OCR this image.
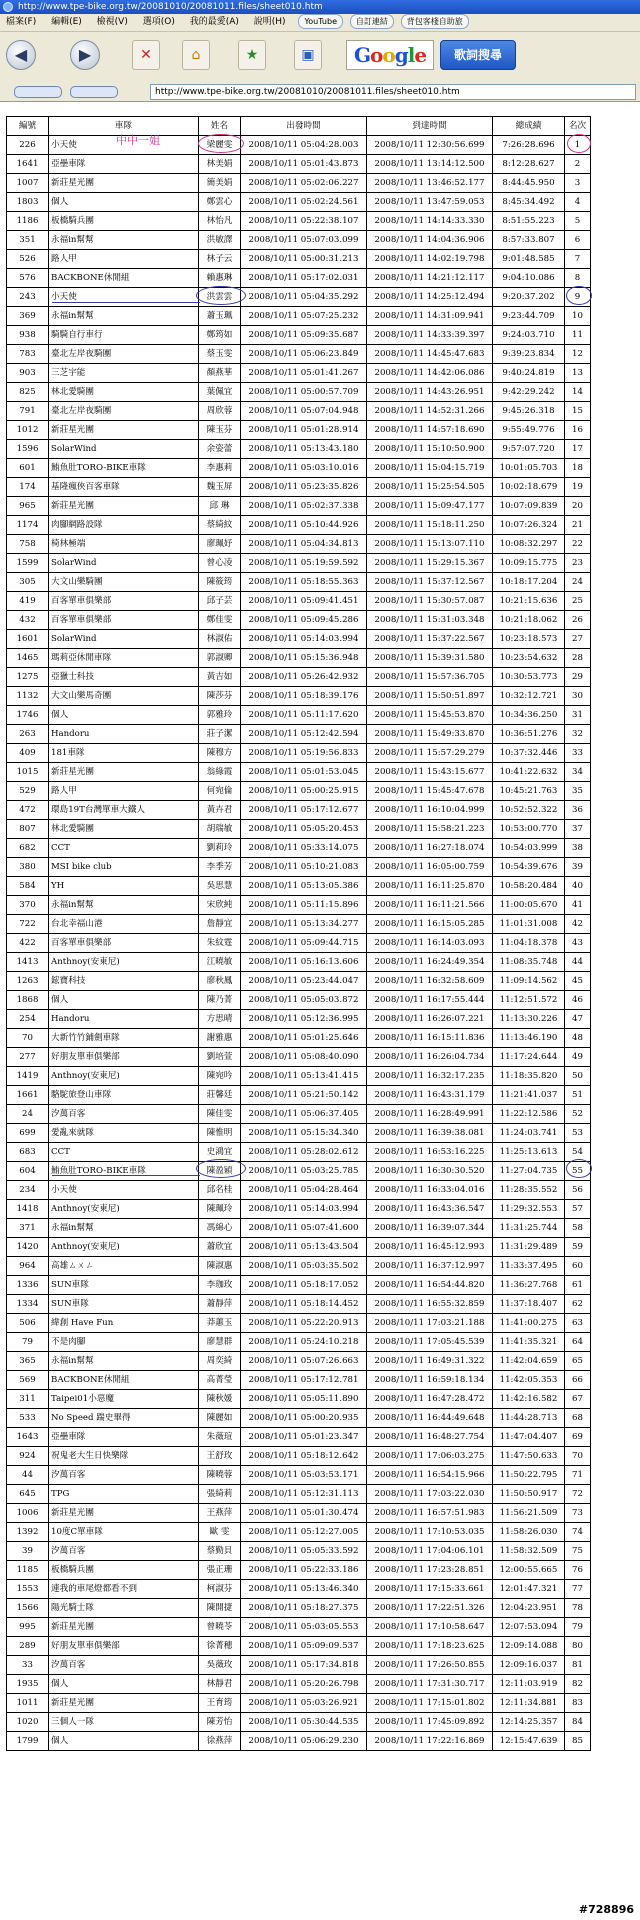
http://www.tpe-bike.org.tw/20081010/20081011.files/sheet010.htm
檔案(F) 編輯(E) 檢視(V) 選項(O) 我的最愛(A) 說明(H) YouTube 自訂連結 背包客棧自助旅
◀	▶	✕	⌂	★	▣	Google	歌詞搜尋
http://www.tpe-bike.org.tw/20081010/20081011.files/sheet010.htm
編號	車隊	姓名	出發時間	到達時間	總成績	名次
226	小天使	梁麗雯	2008/10/11 05:04:28.003	2008/10/11 12:30:56.699	7:26:28.696	1
1641	亞壘車隊	林美娟	2008/10/11 05:01:43.873	2008/10/11 13:14:12.500	8:12:28.627	2
1007	新莊星光團	簡美娟	2008/10/11 05:02:06.227	2008/10/11 13:46:52.177	8:44:45.950	3
1803	個人	鄭雲心	2008/10/11 05:02:24.561	2008/10/11 13:47:59.053	8:45:34.492	4
1186	板橋騎兵團	林怡凡	2008/10/11 05:22:38.107	2008/10/11 14:14:33.330	8:51:55.223	5
351	永福in幫幫	洪敏譯	2008/10/11 05:07:03.099	2008/10/11 14:04:36.906	8:57:33.807	6
526	路人甲	林子云	2008/10/11 05:00:31.213	2008/10/11 14:02:19.798	9:01:48.585	7
576	BACKBONE休閒組	賴惠琳	2008/10/11 05:17:02.031	2008/10/11 14:21:12.117	9:04:10.086	8
243	小天使	洪雲雲	2008/10/11 05:04:35.292	2008/10/11 14:25:12.494	9:20:37.202	9
369	永福in幫幫	蕭玉珮	2008/10/11 05:07:25.232	2008/10/11 14:31:09.941	9:23:44.709	10
938	騎騎自行車行	鄭筠如	2008/10/11 05:09:35.687	2008/10/11 14:33:39.397	9:24:03.710	11
783	臺北左岸夜騎團	蔡玉雯	2008/10/11 05:06:23.849	2008/10/11 14:45:47.683	9:39:23.834	12
903	三芝宇能	顏燕華	2008/10/11 05:01:41.267	2008/10/11 14:42:06.086	9:40:24.819	13
825	林北愛騎團	葉佩宜	2008/10/11 05:00:57.709	2008/10/11 14:43:26.951	9:42:29.242	14
791	臺北左岸夜騎團	周欣蓉	2008/10/11 05:07:04.948	2008/10/11 14:52:31.266	9:45:26.318	15
1012	新莊星光團	陳玉芬	2008/10/11 05:01:28.914	2008/10/11 14:57:18.690	9:55:49.776	16
1596	SolarWind	余姿蕾	2008/10/11 05:13:43.180	2008/10/11 15:10:50.900	9:57:07.720	17
601	鮪魚肚TORO-BIKE車隊	李惠莉	2008/10/11 05:03:10.016	2008/10/11 15:04:15.719	10:01:05.703	18
174	基隆瘋俠百客車隊	魏玉屏	2008/10/11 05:23:35.826	2008/10/11 15:25:54.505	10:02:18.679	19
965	新莊星光團	邱 琳	2008/10/11 05:02:37.338	2008/10/11 15:09:47.177	10:07:09.839	20
1174	肉腳網路設隊	蔡綺紋	2008/10/11 05:10:44.926	2008/10/11 15:18:11.250	10:07:26.324	21
758	椅林極端	廖珮妤	2008/10/11 05:04:34.813	2008/10/11 15:13:07.110	10:08:32.297	22
1599	SolarWind	曾心凌	2008/10/11 05:19:59.592	2008/10/11 15:29:15.367	10:09:15.775	23
305	大文山樂騎團	陳筱筠	2008/10/11 05:18:55.363	2008/10/11 15:37:12.567	10:18:17.204	24
419	百客單車俱樂部	邱子芸	2008/10/11 05:09:41.451	2008/10/11 15:30:57.087	10:21:15.636	25
432	百客單車俱樂部	鄭佳雯	2008/10/11 05:09:45.286	2008/10/11 15:31:03.348	10:21:18.062	26
1601	SolarWind	林淑佑	2008/10/11 05:14:03.994	2008/10/11 15:37:22.567	10:23:18.573	27
1465	瑪莉亞休閒車隊	郭淑卿	2008/10/11 05:15:36.948	2008/10/11 15:39:31.580	10:23:54.632	28
1275	亞獵士科技	黃吉如	2008/10/11 05:26:42.932	2008/10/11 15:57:36.705	10:30:53.773	29
1132	大文山樂馬奇團	陳莎芬	2008/10/11 05:18:39.176	2008/10/11 15:50:51.897	10:32:12.721	30
1746	個人	郭雅玲	2008/10/11 05:11:17.620	2008/10/11 15:45:53.870	10:34:36.250	31
263	Handoru	莊子潔	2008/10/11 05:12:42.594	2008/10/11 15:49:33.870	10:36:51.276	32
409	181車隊	陳穆方	2008/10/11 05:19:56.833	2008/10/11 15:57:29.279	10:37:32.446	33
1015	新莊星光團	翁綠霞	2008/10/11 05:01:53.045	2008/10/11 15:43:15.677	10:41:22.632	34
529	路人甲	何宛倫	2008/10/11 05:00:25.915	2008/10/11 15:45:47.678	10:45:21.763	35
472	環島19T台灣單車大鐵人	黃卉君	2008/10/11 05:17:12.677	2008/10/11 16:10:04.999	10:52:52.322	36
807	林北愛騎團	胡瑞敏	2008/10/11 05:05:20.453	2008/10/11 15:58:21.223	10:53:00.770	37
682	CCT	劉莉玲	2008/10/11 05:33:14.075	2008/10/11 16:27:18.074	10:54:03.999	38
380	MSI bike club	李季芳	2008/10/11 05:10:21.083	2008/10/11 16:05:00.759	10:54:39.676	39
584	YH	吳思慧	2008/10/11 05:13:05.386	2008/10/11 16:11:25.870	10:58:20.484	40
370	永福in幫幫	宋欣純	2008/10/11 05:11:15.896	2008/10/11 16:11:21.566	11:00:05.670	41
722	台北幸福山港	詹靜宜	2008/10/11 05:13:34.277	2008/10/11 16:15:05.285	11:01:31.008	42
422	百客單車俱樂部	朱紋霆	2008/10/11 05:09:44.715	2008/10/11 16:14:03.093	11:04:18.378	43
1413	Anthnoy(安東尼)	江曉敏	2008/10/11 05:16:13.606	2008/10/11 16:24:49.354	11:08:35.748	44
1263	鋐寶科技	廖秋鳳	2008/10/11 05:23:44.047	2008/10/11 16:32:58.609	11:09:14.562	45
1868	個人	陳乃菁	2008/10/11 05:05:03.872	2008/10/11 16:17:55.444	11:12:51.572	46
254	Handoru	方思晴	2008/10/11 05:12:36.995	2008/10/11 16:26:07.221	11:13:30.226	47
70	大新竹竹鋪劍車隊	謝雅惠	2008/10/11 05:01:25.646	2008/10/11 16:15:11.836	11:13:46.190	48
277	好朋友單車俱樂部	劉培萱	2008/10/11 05:08:40.090	2008/10/11 16:26:04.734	11:17:24.644	49
1419	Anthnoy(安東尼)	陳宛吟	2008/10/11 05:13:41.415	2008/10/11 16:32:17.235	11:18:35.820	50
1661	駱駝旅登山車隊	莊馨廷	2008/10/11 05:21:50.142	2008/10/11 16:43:31.179	11:21:41.037	51
24	汐萬百客	陳佳雯	2008/10/11 05:06:37.405	2008/10/11 16:28:49.991	11:22:12.586	52
699	愛亂來就隊	陳惟明	2008/10/11 05:15:34.340	2008/10/11 16:39:38.081	11:24:03.741	53
683	CCT	史鴻宜	2008/10/11 05:28:02.612	2008/10/11 16:53:16.225	11:25:13.613	54
604	鮪魚肚TORO-BIKE車隊	陳盈穎	2008/10/11 05:03:25.785	2008/10/11 16:30:30.520	11:27:04.735	55
234	小天使	邱名桂	2008/10/11 05:04:28.464	2008/10/11 16:33:04.016	11:28:35.552	56
1418	Anthnoy(安東尼)	陳珮玲	2008/10/11 05:14:03.994	2008/10/11 16:43:36.547	11:29:32.553	57
371	永福in幫幫	馮綿心	2008/10/11 05:07:41.600	2008/10/11 16:39:07.344	11:31:25.744	58
1420	Anthnoy(安東尼)	蕭欣宜	2008/10/11 05:13:43.504	2008/10/11 16:45:12.993	11:31:29.489	59
964	高雄ㄙㄨㄥ	陳淑惠	2008/10/11 05:03:35.502	2008/10/11 16:37:12.997	11:33:37.495	60
1336	SUN車隊	李珈玫	2008/10/11 05:18:17.052	2008/10/11 16:54:44.820	11:36:27.768	61
1334	SUN車隊	蕭靜萍	2008/10/11 05:18:14.452	2008/10/11 16:55:32.859	11:37:18.407	62
506	緯創 Have Fun	莽蕙玉	2008/10/11 05:22:20.913	2008/10/11 17:03:21.188	11:41:00.275	63
79	不是肉腳	廖慧群	2008/10/11 05:24:10.218	2008/10/11 17:05:45.539	11:41:35.321	64
365	永福in幫幫	周奕綺	2008/10/11 05:07:26.663	2008/10/11 16:49:31.322	11:42:04.659	65
569	BACKBONE休閒組	高菁瑩	2008/10/11 05:17:12.781	2008/10/11 16:59:18.134	11:42:05.353	66
311	Taipei01小惡魔	陳秋媛	2008/10/11 05:05:11.890	2008/10/11 16:47:28.472	11:42:16.582	67
533	No Speed 踹史畢得	陳麗如	2008/10/11 05:00:20.935	2008/10/11 16:44:49.648	11:44:28.713	68
1643	亞壘車隊	朱薇瑄	2008/10/11 05:01:23.347	2008/10/11 16:48:27.754	11:47:04.407	69
924	祝鬼老大生日快樂隊	王舒玫	2008/10/11 05:18:12.642	2008/10/11 17:06:03.275	11:47:50.633	70
44	汐萬百客	陳曉蓉	2008/10/11 05:03:53.171	2008/10/11 16:54:15.966	11:50:22.795	71
645	TPG	張綺莉	2008/10/11 05:12:31.113	2008/10/11 17:03:22.030	11:50:50.917	72
1006	新莊星光團	王燕萍	2008/10/11 05:01:30.474	2008/10/11 16:57:51.983	11:56:21.509	73
1392	10度C單車隊	歐 雯	2008/10/11 05:12:27.005	2008/10/11 17:10:53.035	11:58:26.030	74
39	汐萬百客	蔡勤貝	2008/10/11 05:05:33.592	2008/10/11 17:04:06.101	11:58:32.509	75
1185	板橋騎兵團	張正珊	2008/10/11 05:22:33.186	2008/10/11 17:23:28.851	12:00:55.665	76
1553	連我的車尾燈都看不到	柯淑芬	2008/10/11 05:13:46.340	2008/10/11 17:15:33.661	12:01:47.321	77
1566	陽光騎士隊	陳開捷	2008/10/11 05:18:27.375	2008/10/11 17:22:51.326	12:04:23.951	78
995	新莊星光團	曾曉苓	2008/10/11 05:03:05.553	2008/10/11 17:10:58.647	12:07:53.094	79
289	好朋友單車俱樂部	徐菁穗	2008/10/11 05:09:09.537	2008/10/11 17:18:23.625	12:09:14.088	80
33	汐萬百客	吳薇玫	2008/10/11 05:17:34.818	2008/10/11 17:26:50.855	12:09:16.037	81
1935	個人	林靜君	2008/10/11 05:20:26.798	2008/10/11 17:31:30.717	12:11:03.919	82
1011	新莊星光團	王育筠	2008/10/11 05:03:26.921	2008/10/11 17:15:01.802	12:11:34.881	83
1020	三個人一隊	陳芳怡	2008/10/11 05:30:44.535	2008/10/11 17:45:09.892	12:14:25.357	84
1799	個人	徐燕萍	2008/10/11 05:06:29.230	2008/10/11 17:22:16.869	12:15:47.639	85
中中一姐
#728896
